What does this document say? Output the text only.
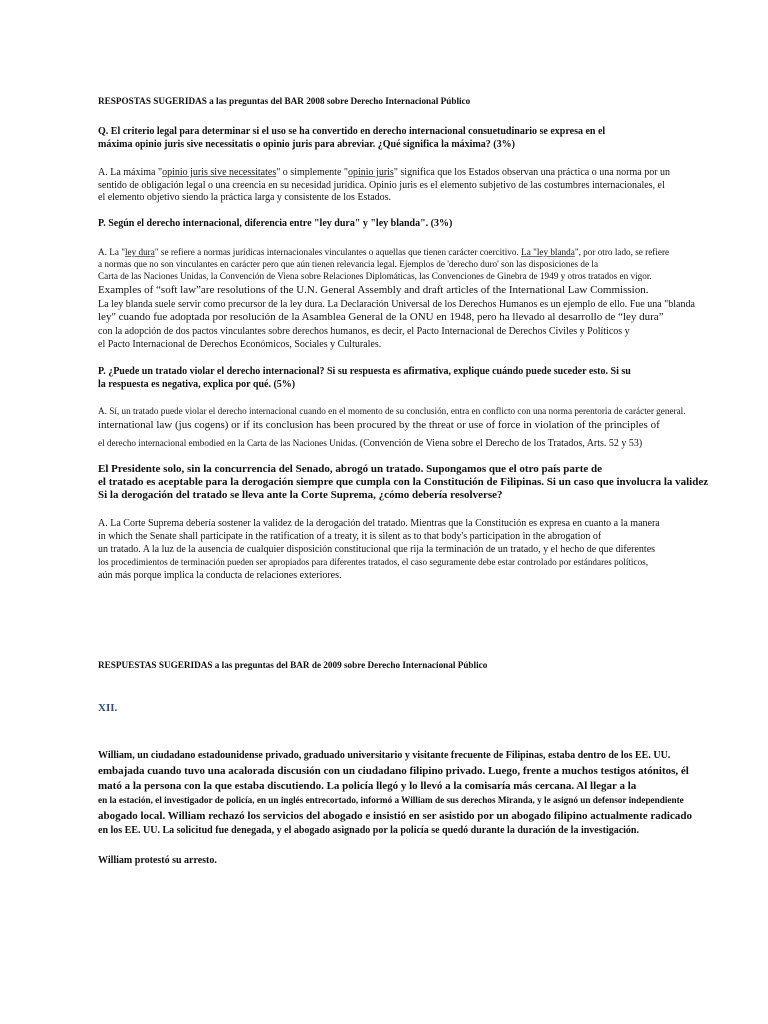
RESPOSTAS SUGERIDAS a las preguntas del BAR 2008 sobre Derecho Internacional Público
Q. El criterio legal para determinar si el uso se ha convertido en derecho internacional consuetudinario se expresa en el
máxima opinio juris sive necessitatis o opinio juris para abreviar. ¿Qué significa la máxima? (3%)
A. La máxima "opinio juris sive necessitates" o simplemente "opinio juris" significa que los Estados observan una práctica o una norma por un
sentido de obligación legal o una creencia en su necesidad jurídica. Opinio juris es el elemento subjetivo de las costumbres internacionales, el
el elemento objetivo siendo la práctica larga y consistente de los Estados.
P. Según el derecho internacional, diferencia entre "ley dura" y "ley blanda". (3%)
A. La "ley dura" se refiere a normas jurídicas internacionales vinculantes o aquellas que tienen carácter coercitivo. La "ley blanda", por otro lado, se refiere
a normas que no son vinculantes en carácter pero que aún tienen relevancia legal. Ejemplos de 'derecho duro' son las disposiciones de la
Carta de las Naciones Unidas, la Convención de Viena sobre Relaciones Diplomáticas, las Convenciones de Ginebra de 1949 y otros tratados en vigor.
Examples of “soft law”are resolutions of the U.N. General Assembly and draft articles of the International Law Commission.
La ley blanda suele servir como precursor de la ley dura. La Declaración Universal de los Derechos Humanos es un ejemplo de ello. Fue una "blanda
ley" cuando fue adoptada por resolución de la Asamblea General de la ONU en 1948, pero ha llevado al desarrollo de “ley dura”
con la adopción de dos pactos vinculantes sobre derechos humanos, es decir, el Pacto Internacional de Derechos Civiles y Políticos y
el Pacto Internacional de Derechos Económicos, Sociales y Culturales.
P. ¿Puede un tratado violar el derecho internacional? Si su respuesta es afirmativa, explique cuándo puede suceder esto. Si su
la respuesta es negativa, explica por qué. (5%)
A. Sí, un tratado puede violar el derecho internacional cuando en el momento de su conclusión, entra en conflicto con una norma perentoria de carácter general.
international law (jus cogens) or if its conclusion has been procured by the threat or use of force in violation of the principles of
el derecho internacional embodied en la Carta de las Naciones Unidas. (Convención de Viena sobre el Derecho de los Tratados, Arts. 52 y 53)
El Presidente solo, sin la concurrencia del Senado, abrogó un tratado. Supongamos que el otro país parte de
el tratado es aceptable para la derogación siempre que cumpla con la Constitución de Filipinas. Si un caso que involucra la validez
Si la derogación del tratado se lleva ante la Corte Suprema, ¿cómo debería resolverse?
A. La Corte Suprema debería sostener la validez de la derogación del tratado. Mientras que la Constitución es expresa en cuanto a la manera
in which the Senate shall participate in the ratification of a treaty, it is silent as to that body's participation in the abrogation of
un tratado. A la luz de la ausencia de cualquier disposición constitucional que rija la terminación de un tratado, y el hecho de que diferentes
los procedimientos de terminación pueden ser apropiados para diferentes tratados, el caso seguramente debe estar controlado por estándares políticos,
aún más porque implica la conducta de relaciones exteriores.
RESPUESTAS SUGERIDAS a las preguntas del BAR de 2009 sobre Derecho Internacional Público
XII.
William, un ciudadano estadounidense privado, graduado universitario y visitante frecuente de Filipinas, estaba dentro de los EE. UU.
embajada cuando tuvo una acalorada discusión con un ciudadano filipino privado. Luego, frente a muchos testigos atónitos, él
mató a la persona con la que estaba discutiendo. La policía llegó y lo llevó a la comisaría más cercana. Al llegar a la
en la estación, el investigador de policía, en un inglés entrecortado, informó a William de sus derechos Miranda, y le asignó un defensor independiente
abogado local. William rechazó los servicios del abogado e insistió en ser asistido por un abogado filipino actualmente radicado
en los EE. UU. La solicitud fue denegada, y el abogado asignado por la policía se quedó durante la duración de la investigación.
William protestó su arresto.
